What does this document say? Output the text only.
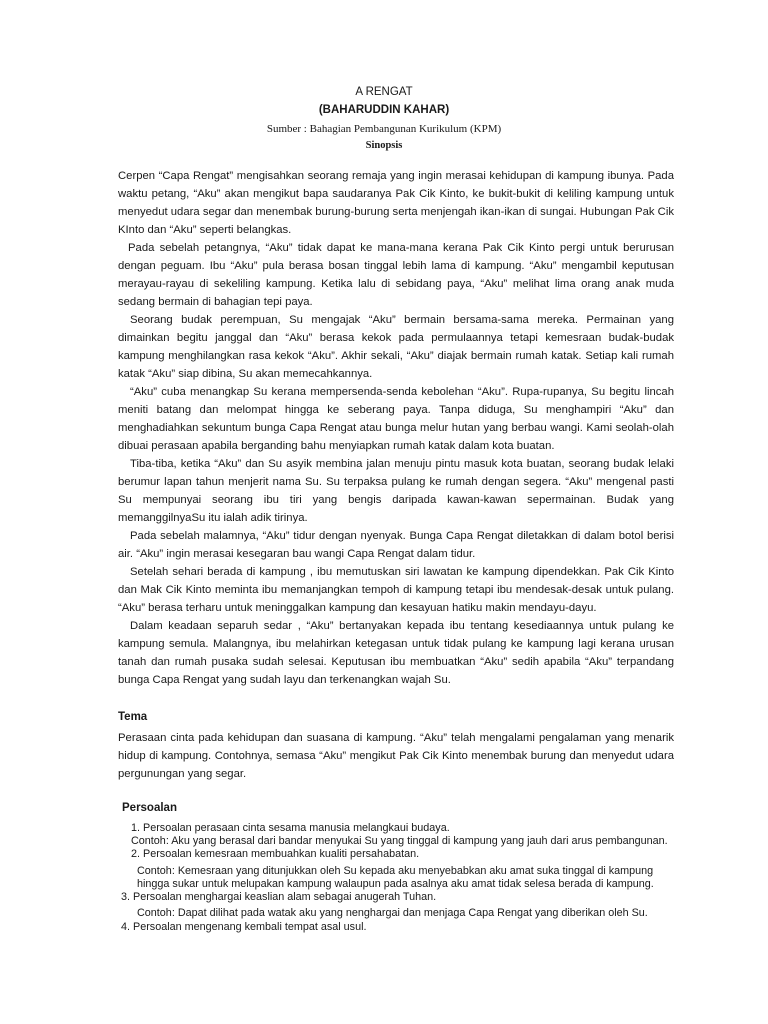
A RENGAT
(BAHARUDDIN KAHAR)
Sumber : Bahagian Pembangunan Kurikulum (KPM)
Sinopsis

Cerpen “Capa Rengat” mengisahkan seorang remaja yang ingin merasai kehidupan di kampung ibunya. Pada waktu petang, “Aku” akan mengikut bapa saudaranya Pak Cik Kinto, ke bukit-bukit di keliling kampung untuk menyedut udara segar dan menembak burung-burung serta menjengah ikan-ikan di sungai. Hubungan Pak Cik KInto dan “Aku” seperti belangkas.

Pada sebelah petangnya, “Aku” tidak dapat ke mana-mana kerana Pak Cik Kinto pergi untuk berurusan dengan peguam. Ibu “Aku” pula berasa bosan tinggal lebih lama di kampung. “Aku” mengambil keputusan merayau-rayau di sekeliling kampung. Ketika lalu di sebidang paya, “Aku” melihat lima orang anak muda sedang bermain di bahagian tepi paya.

Seorang budak perempuan, Su mengajak “Aku” bermain bersama-sama mereka. Permainan yang dimainkan begitu janggal dan “Aku” berasa kekok pada permulaannya tetapi kemesraan budak-budak kampung menghilangkan rasa kekok “Aku”. Akhir sekali, “Aku” diajak bermain rumah katak. Setiap kali rumah katak “Aku” siap dibina, Su akan memecahkannya.

“Aku” cuba menangkap Su kerana mempersenda-senda kebolehan “Aku”. Rupa-rupanya, Su begitu lincah meniti batang dan melompat hingga ke seberang paya. Tanpa diduga, Su menghampiri “Aku” dan menghadiahkan sekuntum bunga Capa Rengat atau bunga melur hutan yang berbau wangi. Kami seolah-olah dibuai perasaan apabila berganding bahu menyiapkan rumah katak dalam kota buatan.

Tiba-tiba, ketika “Aku” dan Su asyik membina jalan menuju pintu masuk kota buatan, seorang budak lelaki berumur lapan tahun menjerit nama Su. Su terpaksa pulang ke rumah dengan segera. “Aku” mengenal pasti Su mempunyai seorang ibu tiri yang bengis daripada kawan-kawan sepermainan. Budak yang memanggilnyaSu itu ialah adik tirinya.

Pada sebelah malamnya, “Aku” tidur dengan nyenyak. Bunga Capa Rengat diletakkan di dalam botol berisi air. “Aku” ingin merasai kesegaran bau wangi Capa Rengat dalam tidur.

Setelah sehari berada di kampung , ibu memutuskan siri lawatan ke kampung dipendekkan. Pak Cik Kinto dan Mak Cik Kinto meminta ibu memanjangkan tempoh di kampung tetapi ibu mendesak-desak untuk pulang. “Aku” berasa terharu untuk meninggalkan kampung dan kesayuan hatiku makin mendayu-dayu.

Dalam keadaan separuh sedar , “Aku” bertanyakan kepada ibu tentang kesediaannya untuk pulang ke kampung semula. Malangnya, ibu melahirkan ketegasan untuk tidak pulang ke kampung lagi kerana urusan tanah dan rumah pusaka sudah selesai. Keputusan ibu membuatkan “Aku” sedih apabila “Aku” terpandang bunga Capa Rengat yang sudah layu dan terkenangkan wajah Su.

Tema

Perasaan cinta pada kehidupan dan suasana di kampung. “Aku” telah mengalami pengalaman yang menarik hidup di kampung. Contohnya, semasa “Aku” mengikut Pak Cik Kinto menembak burung dan menyedut udara pergunungan yang segar.

Persoalan
1. Persoalan perasaan cinta sesama manusia melangkaui budaya.
Contoh: Aku yang berasal dari bandar menyukai Su yang tinggal di kampung yang jauh dari arus pembangunan.
2. Persoalan kemesraan membuahkan kualiti persahabatan.
Contoh: Kemesraan yang ditunjukkan oleh Su kepada aku menyebabkan aku amat suka tinggal di kampung hingga sukar untuk melupakan kampung walaupun pada asalnya aku amat tidak selesa berada di kampung.
3. Persoalan menghargai keaslian alam sebagai anugerah Tuhan.
Contoh: Dapat dilihat pada watak aku yang nenghargai dan menjaga Capa Rengat yang diberikan oleh Su.
4. Persoalan mengenang kembali tempat asal usul.
